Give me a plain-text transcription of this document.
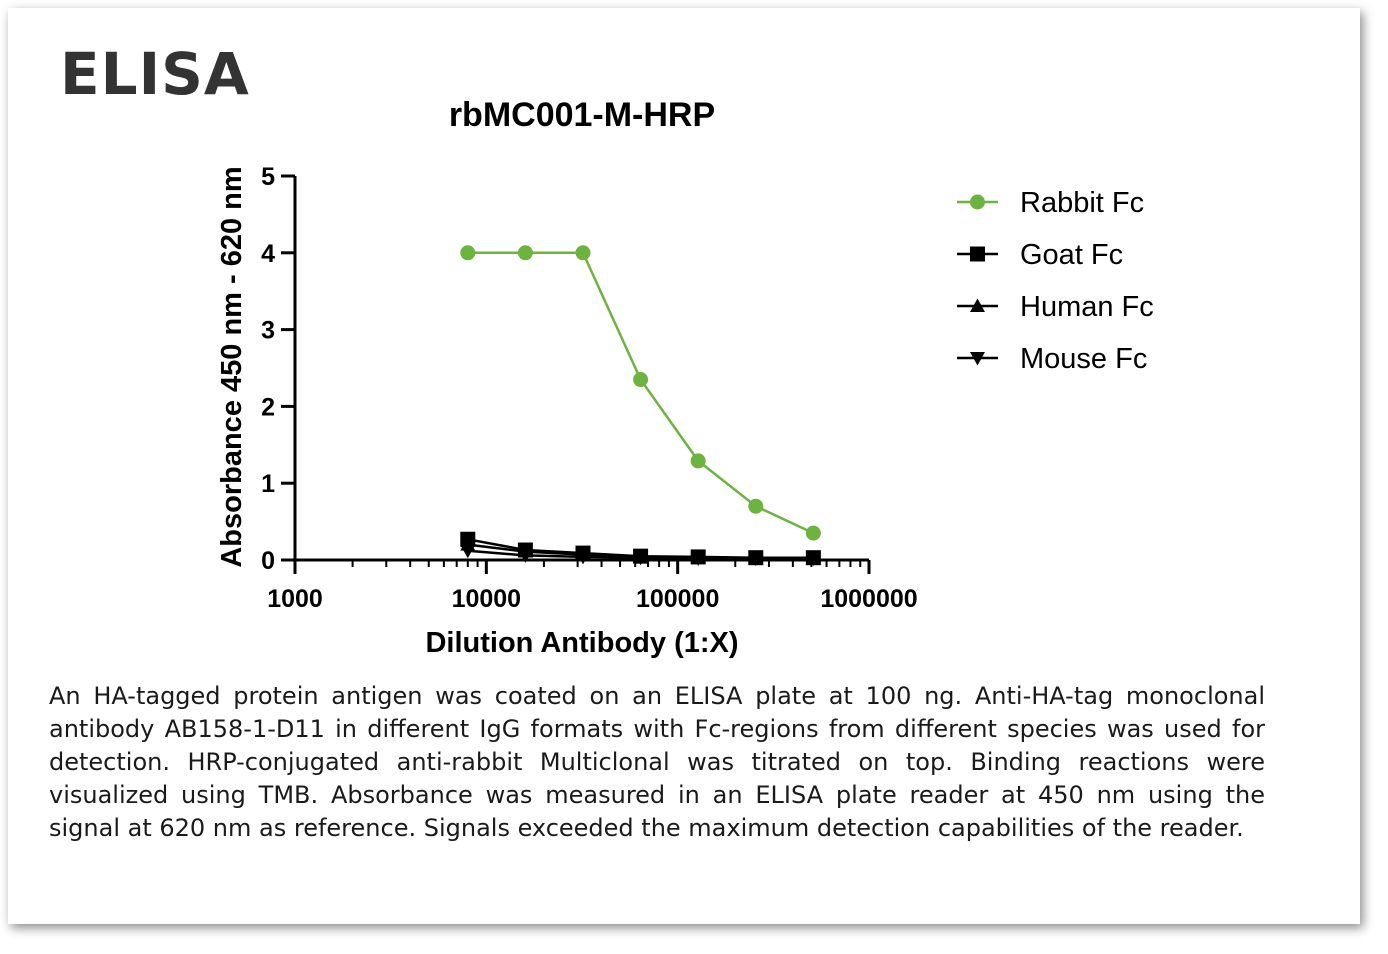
ELISA
rbMC001-M-HRP
Dilution Antibody (1:X)
Absorbance 450 nm - 620 nm 0
1
2
3
4
5
1000	10000	100000	1000000
Rabbit Fc
Goat Fc
Human Fc
Mouse Fc
An HA-tagged protein antigen was coated on an ELISA plate at 100 ng. Anti-HA-tag monoclonal antibody AB158-1-D11 in different IgG formats with Fc-regions from different species was used for detection. HRP-conjugated anti-rabbit Multiclonal was titrated on top. Binding reactions were visualized using TMB. Absorbance was measured in an ELISA plate reader at 450 nm using the signal at 620 nm as reference. Signals exceeded the maximum detection capabilities of the reader.
